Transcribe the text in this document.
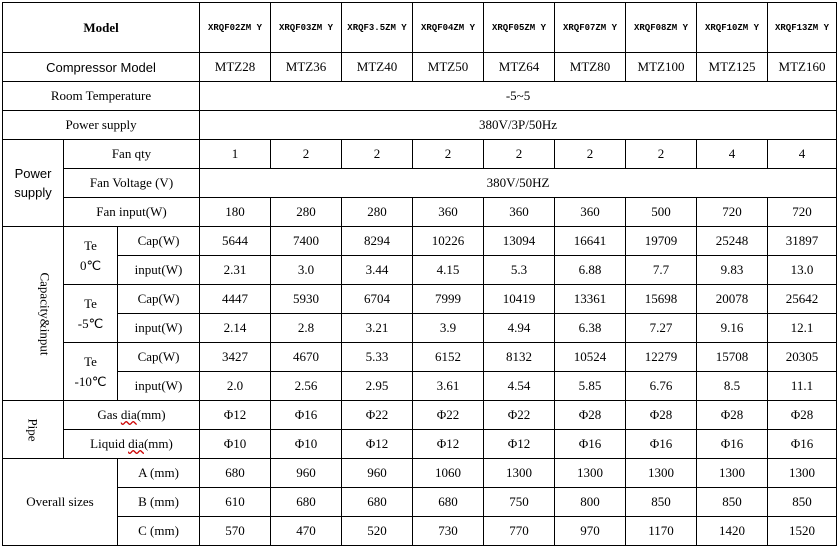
Model			XRQF02ZM Y	XRQF03ZM Y	XRQF3.5ZM Y	XRQF04ZM Y	XRQF05ZM Y	XRQF07ZM Y	XRQF08ZM Y	XRQF10ZM Y	XRQF13ZM Y
Compressor Model			MTZ28	MTZ36	MTZ40	MTZ50	MTZ64	MTZ80	MTZ100	MTZ125	MTZ160
Room Temperature			-5~5								
Power supply			380V/3P/50Hz								
Power supply	Fan qty		1	2	2	2	2	2	2	4	4
	Fan Voltage (V)		380V/50HZ								
	Fan input(W)		180	280	280	360	360	360	500	720	720
Capacity&input	Te
0℃	Cap(W)	5644	7400	8294	10226	13094	16641	19709	25248	31897
		input(W)	2.31	3.0	3.44	4.15	5.3	6.88	7.7	9.83	13.0
	Te
-5℃	Cap(W)	4447	5930	6704	7999	10419	13361	15698	20078	25642
		input(W)	2.14	2.8	3.21	3.9	4.94	6.38	7.27	9.16	12.1
	Te
-10℃	Cap(W)	3427	4670	5.33	6152	8132	10524	12279	15708	20305
		input(W)	2.0	2.56	2.95	3.61	4.54	5.85	6.76	8.5	11.1
Pipe	Gas dia(mm)		Φ12	Φ16	Φ22	Φ22	Φ22	Φ28	Φ28	Φ28	Φ28
	Liquid dia(mm)		Φ10	Φ10	Φ12	Φ12	Φ12	Φ16	Φ16	Φ16	Φ16
Overall sizes		A (mm)	680	960	960	1060	1300	1300	1300	1300	1300
		B (mm)	610	680	680	680	750	800	850	850	850
		C (mm)	570	470	520	730	770	970	1170	1420	1520
